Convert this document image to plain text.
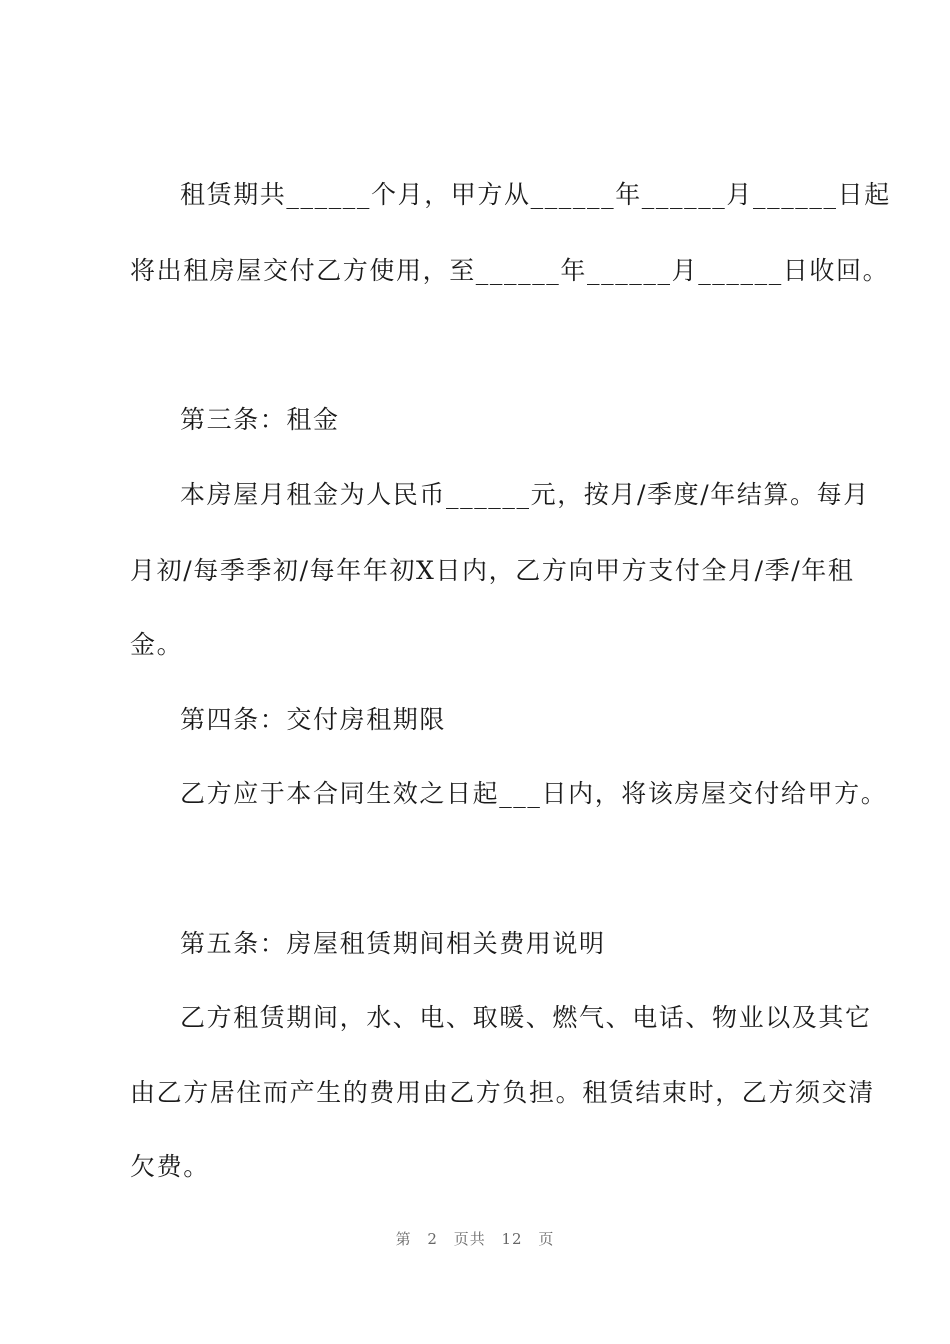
租赁期共______个月，甲方从______年______月______日起
将出租房屋交付乙方使用，至______年______月______日收回。
第三条：租金
本房屋月租金为人民币______元，按月/季度/年结算。每月
月初/每季季初/每年年初X日内，乙方向甲方支付全月/季/年租
金。
第四条：交付房租期限
乙方应于本合同生效之日起___日内，将该房屋交付给甲方。
第五条：房屋租赁期间相关费用说明
乙方租赁期间，水、电、取暖、燃气、电话、物业以及其它
由乙方居住而产生的费用由乙方负担。租赁结束时，乙方须交清
欠费。
第 2 页共 12 页
